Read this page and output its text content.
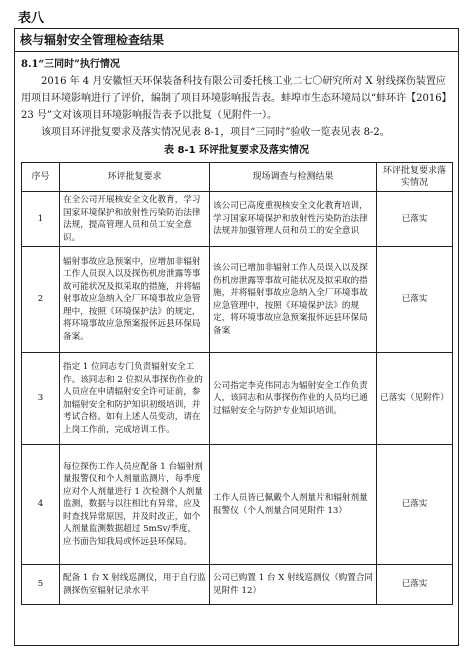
表八
核与辐射安全管理检查结果
8.1“三同时”执行情况

2016 年 4 月安徽恒天环保装备科技有限公司委托核工业二七〇研究所对 X 射线探伤装置应用项目环境影响进行了评价，编制了项目环境影响报告表。蚌埠市生态环境局以“蚌环许【2016】23 号”文对该项目环境影响报告表予以批复（见附件一）。

该项目环评批复要求及落实情况见表 8-1，项目“三同时”验收一览表见表 8-2。

表 8-1 环评批复要求及落实情况
序号	环评批复要求	现场调查与检测结果	环评批复要求落实情况
1	在全公司开展核安全文化教育，学习国家环境保护和放射性污染防治法律法规，提高管理人员和员工安全意识。	该公司已高度重视核安全文化教育培训，学习国家环境保护和放射性污染防治法律法规并加强管理人员和员工的安全意识	已落实
2	辐射事故应急预案中，应增加非辐射工作人员误入以及探伤机房泄露等事故可能状况及拟采取的措施，并将辐射事故应急纳入全厂环境事故应急管理中，按照《环境保护法》的规定，将环境事故应急预案报怀远县环保局备案。	该公司已增加非辐射工作人员误入以及探伤机房泄露等事故可能状况及拟采取的措施，并将辐射事故应急纳入全厂环境事故应急管理中，按照《环境保护法》的规定，将环境事故应急预案报怀远县环保局备案	已落实
3	指定 1 位同志专门负责辐射安全工作。该同志和 2 位拟从事探伤作业的人员应在申请辐射安全许可证前，参加辐射安全和防护知识初级培训，并考试合格。如有上述人员变动，请在上岗工作前，完成培训工作。	公司指定李克伟同志为辐射安全工作负责人，该同志和从事探伤作业的人员均已通过辐射安全与防护专业知识培训。	已落实（见附件）
4	每位探伤工作人员应配备 1 台辐射剂量报警仪和个人剂量监测片，每季度应对个人剂量进行 1 次检测个人剂量监测，数据与以往相比有异常，应及时查找异常原因，并及时改正，如个人剂量监测数据超过 5mSv/季度， 应书面告知我局或怀远县环保局。	工作人员皆已佩戴个人剂量片和辐射剂量报警仪（个人剂量合同见附件 13）	已落实
5	配备 1 台 X 射线巡测仪，用于自行监测探伤室辐射记录水平	公司已购置 1 台 X 射线巡测仪（购置合同见附件 12）	已落实
